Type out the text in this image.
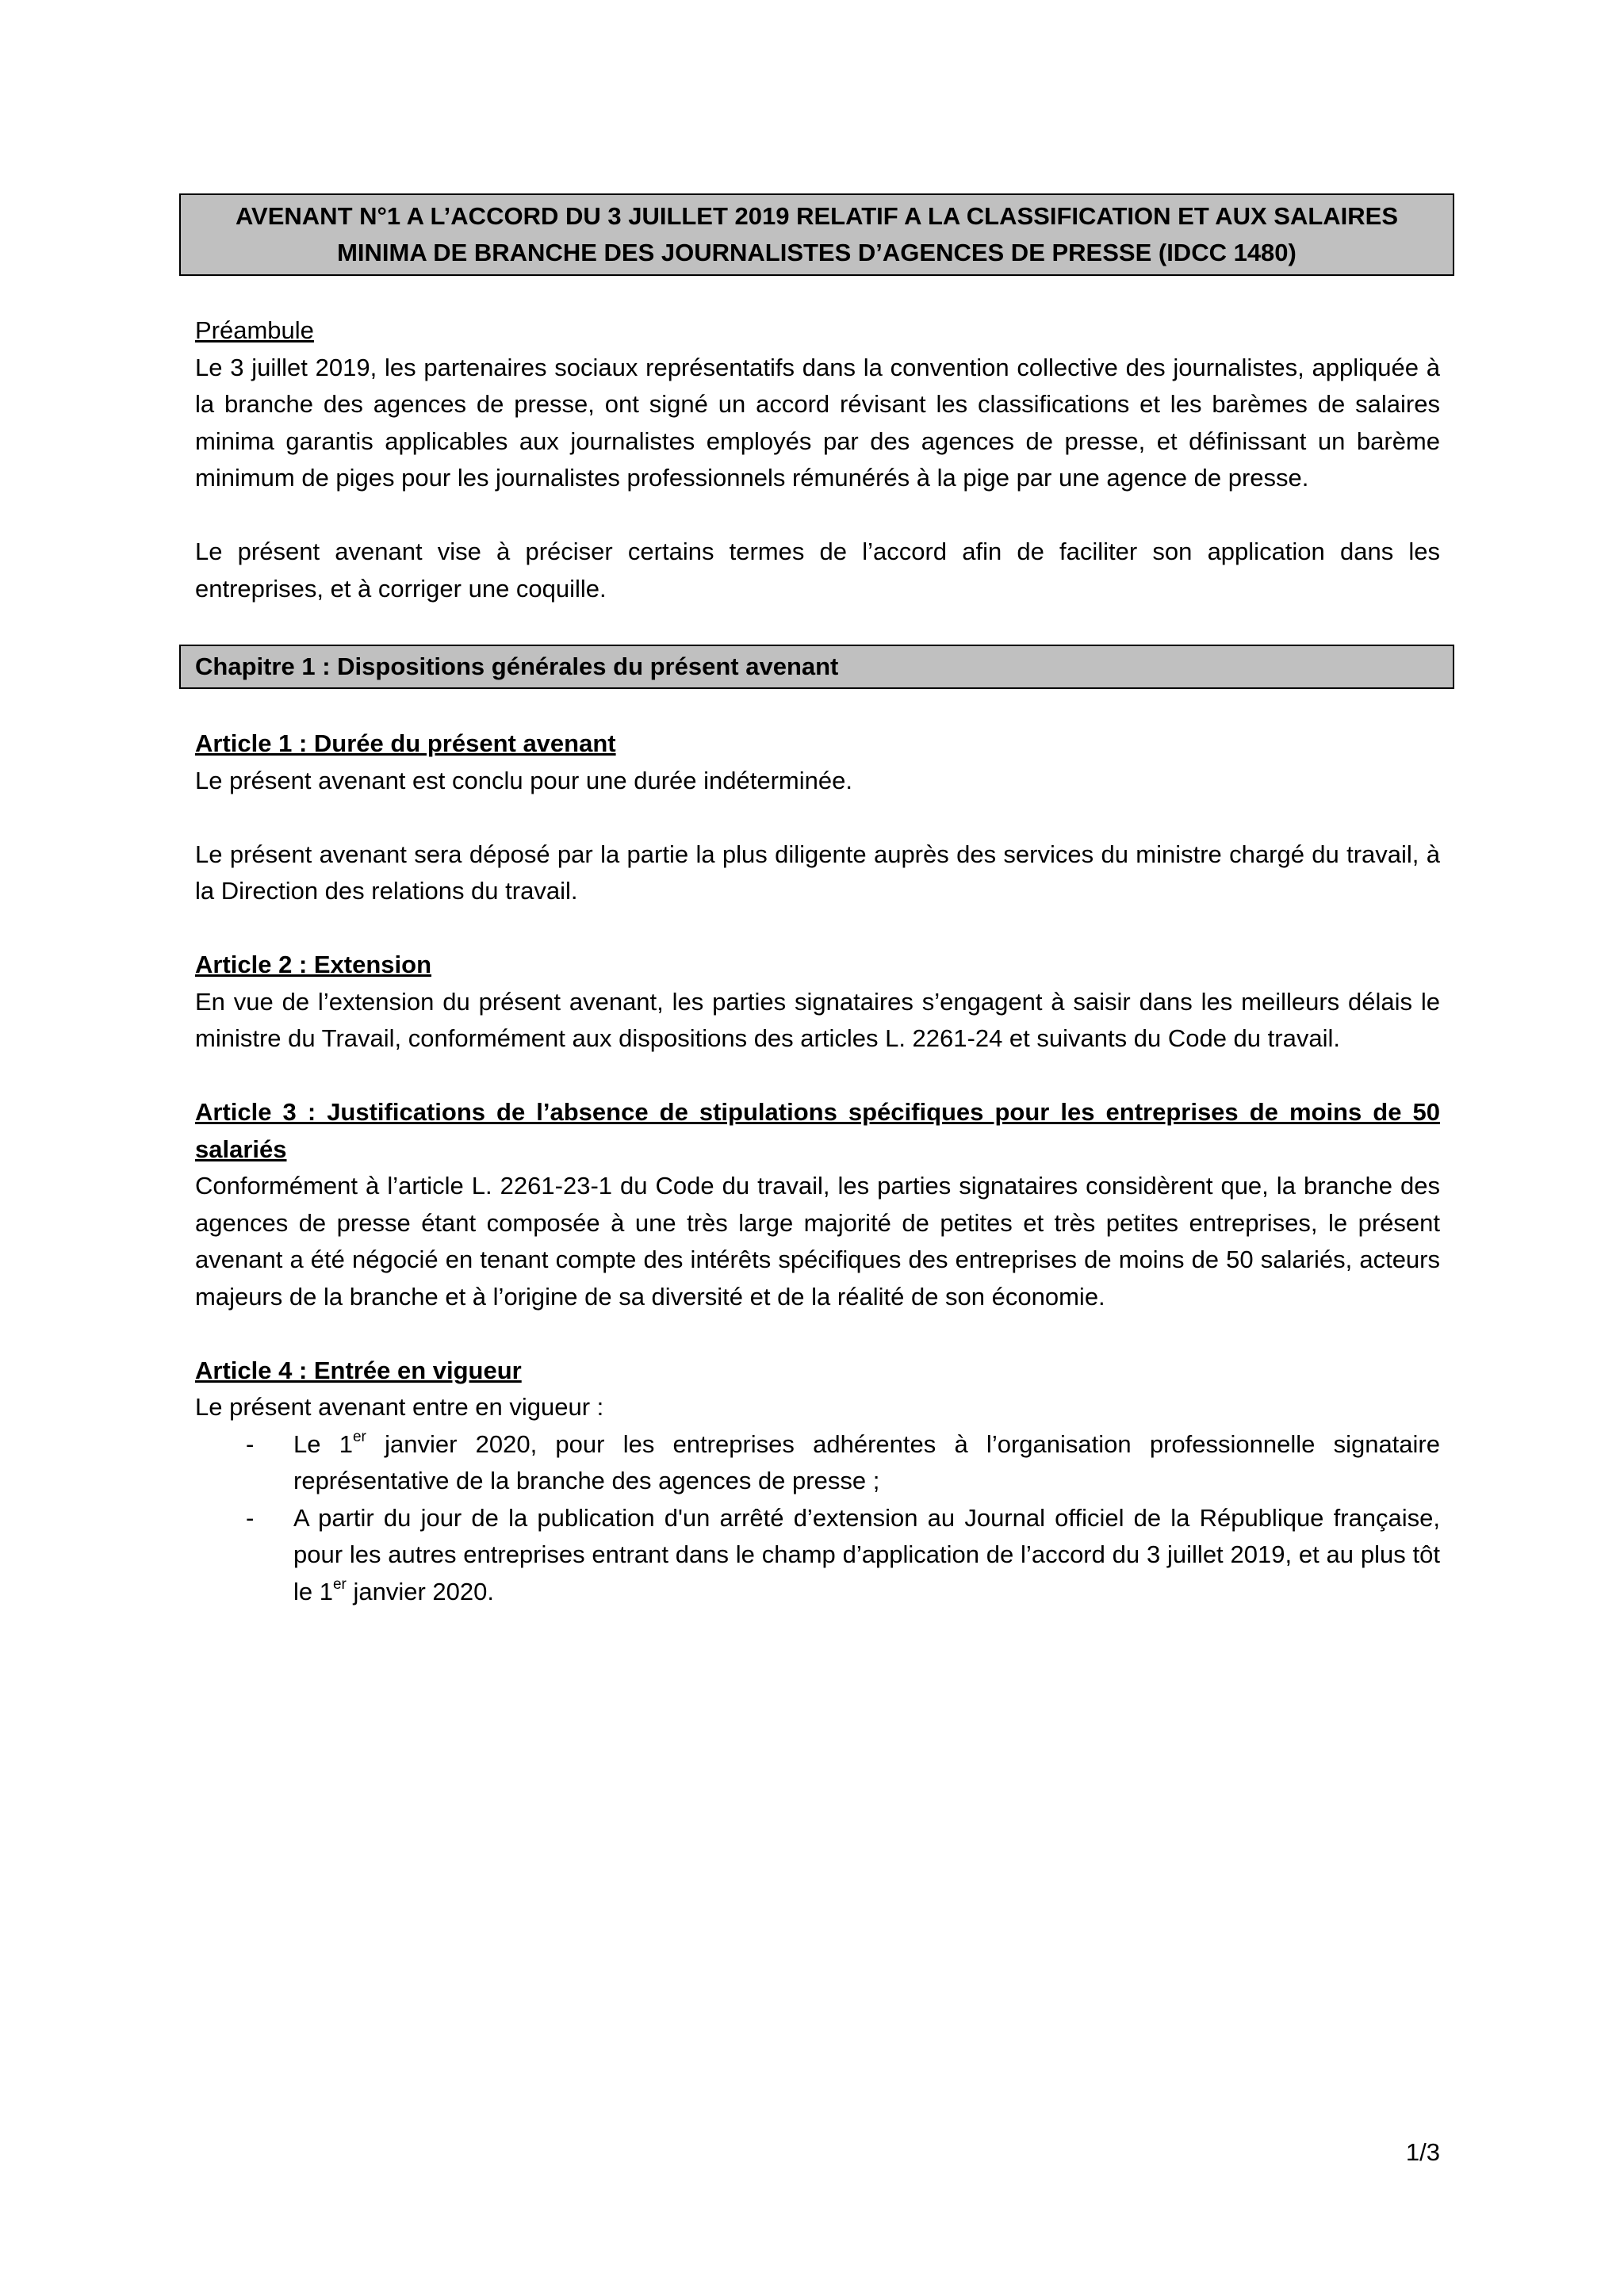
AVENANT N°1 A L’ACCORD DU 3 JUILLET 2019 RELATIF A LA CLASSIFICATION ET AUX SALAIRES
MINIMA DE BRANCHE DES JOURNALISTES D’AGENCES DE PRESSE (IDCC 1480)

Préambule

Le 3 juillet 2019, les partenaires sociaux représentatifs dans la convention collective des journalistes, appliquée à la branche des agences de presse, ont signé un accord révisant les classifications et les barèmes de salaires minima garantis applicables aux journalistes employés par des agences de presse, et définissant un barème minimum de piges pour les journalistes professionnels rémunérés à la pige par une agence de presse.

Le présent avenant vise à préciser certains termes de l’accord afin de faciliter son application dans les entreprises, et à corriger une coquille.

Chapitre 1 : Dispositions générales du présent avenant

Article 1 : Durée du présent avenant

Le présent avenant est conclu pour une durée indéterminée.

Le présent avenant sera déposé par la partie la plus diligente auprès des services du ministre chargé du travail, à la Direction des relations du travail.

Article 2 : Extension

En vue de l’extension du présent avenant, les parties signataires s’engagent à saisir dans les meilleurs délais le ministre du Travail, conformément aux dispositions des articles L. 2261-24 et suivants du Code du travail.

Article 3 : Justifications de l’absence de stipulations spécifiques pour les entreprises de moins de 50 salariés

Conformément à l’article L. 2261-23-1 du Code du travail, les parties signataires considèrent que, la branche des agences de presse étant composée à une très large majorité de petites et très petites entreprises, le présent avenant a été négocié en tenant compte des intérêts spécifiques des entreprises de moins de 50 salariés, acteurs majeurs de la branche et à l’origine de sa diversité et de la réalité de son économie.

Article 4 : Entrée en vigueur

Le présent avenant entre en vigueur :

- Le 1er janvier 2020, pour les entreprises adhérentes à l’organisation professionnelle signataire représentative de la branche des agences de presse ;
- A partir du jour de la publication d'un arrêté d’extension au Journal officiel de la République française, pour les autres entreprises entrant dans le champ d’application de l’accord du 3 juillet 2019, et au plus tôt le 1er janvier 2020.
1/3
